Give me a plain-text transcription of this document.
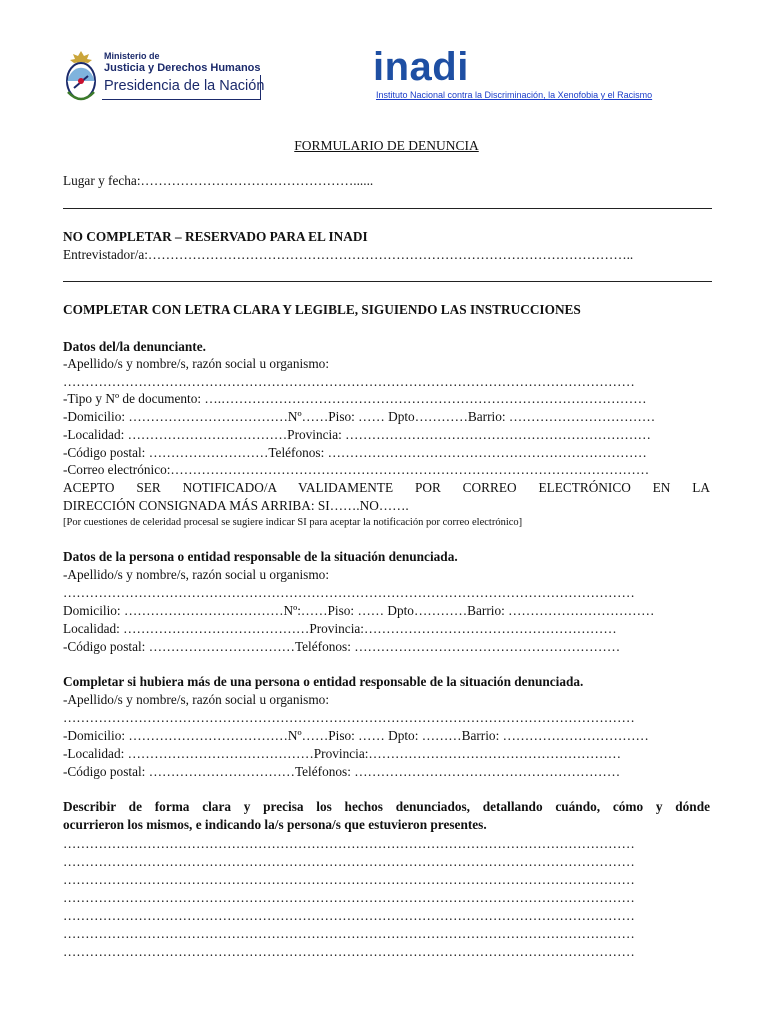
Ministerio de
Justicia y Derechos Humanos
Presidencia de la Nación	inadi
Instituto Nacional contra la Discriminación, la Xenofobia y el Racismo
FORMULARIO DE DENUNCIA
Lugar y fecha:…………………………………………......
NO COMPLETAR – RESERVADO PARA EL INADI
Entrevistador/a:………………………………………………………………………………………………..
COMPLETAR CON LETRA CLARA Y LEGIBLE, SIGUIENDO LAS INSTRUCCIONES
Datos del/la denunciante.
-Apellido/s y nombre/s, razón social u organismo:
…………………………………………………………………………………………………………………
-Tipo y Nº de documento: ….……………………………………………………………………………………
-Domicilio: ………………………………Nº……Piso: …… Dpto…………Barrio: ……………………………
-Localidad: ………………………………Provincia: ……………………………………………………………
-Código postal: ………………………Teléfonos: ………………………………………………………………
-Correo electrónico:………………………………………………………………………………………………
ACEPTO SER NOTIFICADO/A VALIDAMENTE POR CORREO ELECTRÓNICO EN LA
DIRECCIÓN CONSIGNADA MÁS ARRIBA: SI…….NO…….
[Por cuestiones de celeridad procesal se sugiere indicar SI para aceptar la notificación por correo electrónico]
Datos de la persona o entidad responsable de la situación denunciada.
-Apellido/s y nombre/s, razón social u organismo:
…………………………………………………………………………………………………………………
Domicilio: ………………………………Nº:……Piso: …… Dpto…………Barrio: ……………………………
Localidad: ……………………………………Provincia:…………………………………………………
-Código postal: ……………………………Teléfonos: ……………………………………………………
Completar si hubiera más de una persona o entidad responsable de la situación denunciada.
-Apellido/s y nombre/s, razón social u organismo:
…………………………………………………………………………………………………………………
-Domicilio: ………………………………Nº……Piso: …… Dpto: ………Barrio: ……………………………
-Localidad: ……………………………………Provincia:…………………………………………………
-Código postal: ……………………………Teléfonos: ……………………………………………………
Describir de forma clara y precisa los hechos denunciados, detallando cuándo, cómo y dónde
ocurrieron los mismos, e indicando la/s persona/s que estuvieron presentes.
…………………………………………………………………………………………………………………
…………………………………………………………………………………………………………………
…………………………………………………………………………………………………………………
…………………………………………………………………………………………………………………
…………………………………………………………………………………………………………………
…………………………………………………………………………………………………………………
…………………………………………………………………………………………………………………
